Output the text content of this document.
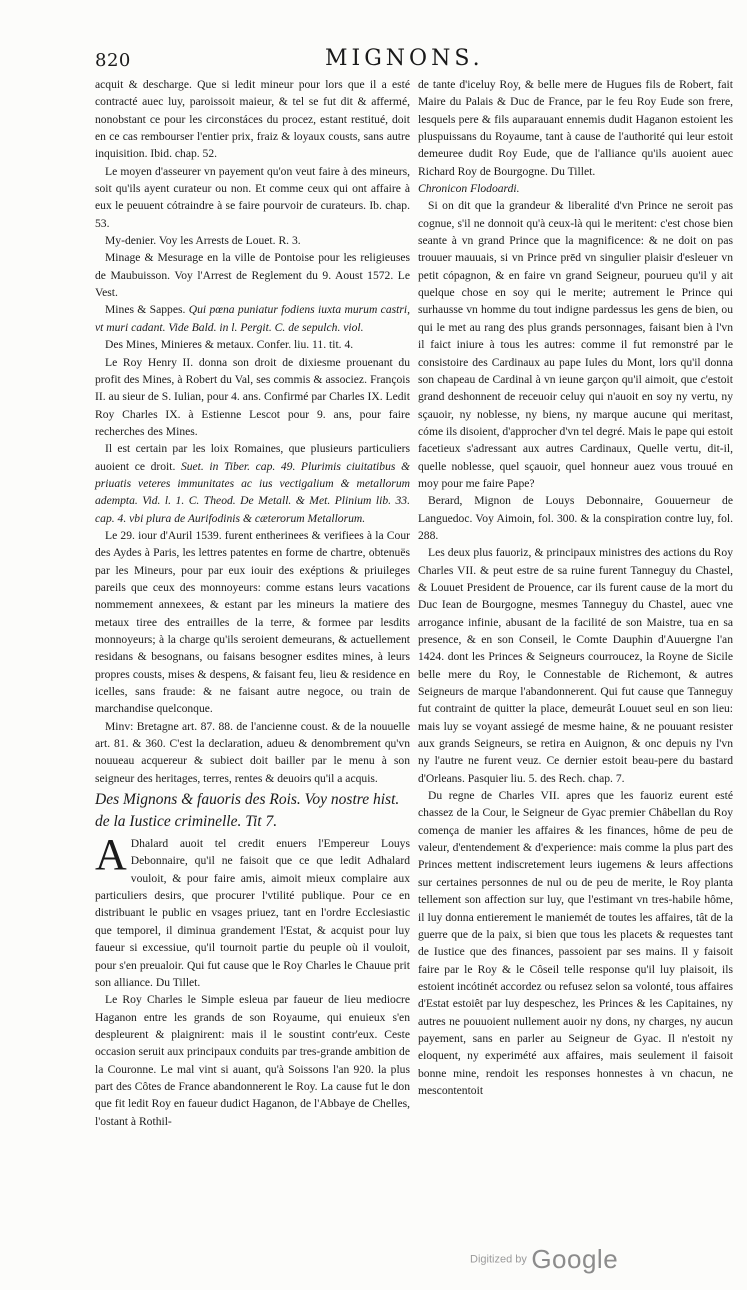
820	MIGNONS.

acquit & descharge. Que si ledit mineur pour lors que il a esté contracté auec luy, paroissoit maieur, & tel se fut dit & affermé, nonobstant ce pour les circonstáces du procez, estant restitué, doit en ce cas rembourser l'entier prix, fraiz & loyaux cousts, sans autre inquisition. Ibid. chap. 52.

Le moyen d'asseurer vn payement qu'on veut faire à des mineurs, soit qu'ils ayent curateur ou non. Et comme ceux qui ont affaire à eux le peuuent cótraindre à se faire pourvoir de curateurs. Ib. chap. 53.

My-denier. Voy les Arrests de Louet. R. 3.

Minage & Mesurage en la ville de Pontoise pour les religieuses de Maubuisson. Voy l'Arrest de Reglement du 9. Aoust 1572. Le Vest.

Mines & Sappes. Qui pœna puniatur fodiens iuxta murum castri, vt muri cadant. Vide Bald. in l. Pergit. C. de sepulch. viol.

Des Mines, Minieres & metaux. Confer. liu. 11. tit. 4.

Le Roy Henry II. donna son droit de dixiesme prouenant du profit des Mines, à Robert du Val, ses commis & associez. François II. au sieur de S. Iulian, pour 4. ans. Confirmé par Charles IX. Ledit Roy Charles IX. à Estienne Lescot pour 9. ans, pour faire recherches des Mines.

Il est certain par les loix Romaines, que plusieurs particuliers auoient ce droit. Suet. in Tiber. cap. 49. Plurimis ciuitatibus & priuatis veteres immunitates ac ius vectigalium & metallorum adempta. Vid. l. 1. C. Theod. De Metall. & Met. Plinium lib. 33. cap. 4. vbi plura de Aurifodinis & cæterorum Metallorum.

Le 29. iour d'Auril 1539. furent entherinees & verifiees à la Cour des Aydes à Paris, les lettres patentes en forme de chartre, obtenuës par les Mineurs, pour par eux iouir des exéptions & priuileges pareils que ceux des monnoyeurs: comme estans leurs vacations nommement annexees, & estant par les mineurs la matiere des metaux tiree des entrailles de la terre, & formee par lesdits monnoyeurs; à la charge qu'ils seroient demeurans, & actuellement residans & besognans, ou faisans besogner esdites mines, à leurs propres cousts, mises & despens, & faisant feu, lieu & residence en icelles, sans fraude: & ne faisant autre negoce, ou train de marchandise quelconque.

Minv: Bretagne art. 87. 88. de l'ancienne coust. & de la nouuelle art. 81. & 360. C'est la declaration, adueu & denombrement qu'vn nouueau acquereur & subiect doit bailler par le menu à son seigneur des heritages, terres, rentes & deuoirs qu'il a acquis.

Des Mignons & fauoris des Rois. Voy nostre hist. de la Iustice criminelle. Tit 7.

A Dhalard auoit tel credit enuers l'Empereur Louys Debonnaire, qu'il ne faisoit que ce que ledit Adhalard vouloit, & pour faire amis, aimoit mieux complaire aux particuliers desirs, que procurer l'vtilité publique. Pour ce en distribuant le public en vsages priuez, tant en l'ordre Ecclesiastic que temporel, il diminua grandement l'Estat, & acquist pour luy faueur si excessiue, qu'il tournoit partie du peuple où il vouloit, pour s'en preualoir. Qui fut cause que le Roy Charles le Chauue prit son alliance. Du Tillet.

Le Roy Charles le Simple esleua par faueur de lieu mediocre Haganon entre les grands de son Royaume, qui enuieux s'en despleurent & plaignirent: mais il le soustint contr'eux. Ceste occasion seruit aux principaux conduits par tres-grande ambition de la Couronne. Le mal vint si auant, qu'à Soissons l'an 920. la plus part des Côtes de France abandonnerent le Roy. La cause fut le don que fit ledit Roy en faueur dudict Haganon, de l'Abbaye de Chelles, l'ostant à Rothil-

de tante d'iceluy Roy, & belle mere de Hugues fils de Robert, fait Maire du Palais & Duc de France, par le feu Roy Eude son frere, lesquels pere & fils auparauant ennemis dudit Haganon estoient les pluspuissans du Royaume, tant à cause de l'authorité qui leur estoit demeuree dudit Roy Eude, que de l'alliance qu'ils auoient auec Richard Roy de Bourgogne. Du Tillet.

Chronicon Flodoardi.

Si on dit que la grandeur & liberalité d'vn Prince ne seroit pas cognue, s'il ne donnoit qu'à ceux-là qui le meritent: c'est chose bien seante à vn grand Prince que la magnificence: & ne doit on pas trouuer mauuais, si vn Prince prēd vn singulier plaisir d'esleuer vn petit cópagnon, & en faire vn grand Seigneur, pourueu qu'il y ait quelque chose en soy qui le merite; autrement le Prince qui surhausse vn homme du tout indigne pardessus les gens de bien, ou qui le met au rang des plus grands personnages, faisant bien à l'vn il faict iniure à tous les autres: comme il fut remonstré par le consistoire des Cardinaux au pape Iules du Mont, lors qu'il donna son chapeau de Cardinal à vn ieune garçon qu'il aimoit, que c'estoit grand deshonnent de receuoir celuy qui n'auoit en soy ny vertu, ny sçauoir, ny noblesse, ny biens, ny marque aucune qui meritast, cóme ils disoient, d'approcher d'vn tel degré. Mais le pape qui estoit facetieux s'adressant aux autres Cardinaux, Quelle vertu, dit-il, quelle noblesse, quel sçauoir, quel honneur auez vous trouué en moy pour me faire Pape?

Berard, Mignon de Louys Debonnaire, Gouuerneur de Languedoc. Voy Aimoin, fol. 300. & la conspiration contre luy, fol. 288.

Les deux plus fauoriz, & principaux ministres des actions du Roy Charles VII. & peut estre de sa ruine furent Tanneguy du Chastel, & Louuet President de Prouence, car ils furent cause de la mort du Duc Iean de Bourgogne, mesmes Tanneguy du Chastel, auec vne arrogance infinie, abusant de la facilité de son Maistre, tua en sa presence, & en son Conseil, le Comte Dauphin d'Auuergne l'an 1424. dont les Princes & Seigneurs courroucez, la Royne de Sicile belle mere du Roy, le Connestable de Richemont, & autres Seigneurs de marque l'abandonnerent. Qui fut cause que Tanneguy fut contraint de quitter la place, demeurât Louuet seul en son lieu: mais luy se voyant assiegé de mesme haine, & ne pouuant resister aux grands Seigneurs, se retira en Auignon, & onc depuis ny l'vn ny l'autre ne furent veuz. Ce dernier estoit beau-pere du bastard d'Orleans. Pasquier liu. 5. des Rech. chap. 7.

Du regne de Charles VII. apres que les fauoriz eurent esté chassez de la Cour, le Seigneur de Gyac premier Châbellan du Roy comença de manier les affaires & les finances, hôme de peu de valeur, d'entendement & d'experience: mais comme la plus part des Princes mettent indiscretement leurs iugemens & leurs affections sur certaines personnes de nul ou de peu de merite, le Roy planta tellement son affection sur luy, que l'estimant vn tres-habile hôme, il luy donna entierement le maniemét de toutes les affaires, tât de la guerre que de la paix, si bien que tous les placets & requestes tant de Iustice que des finances, passoient par ses mains. Il y faisoit faire par le Roy & le Côseil telle response qu'il luy plaisoit, ils estoient incótinét accordez ou refusez selon sa volonté, tous affaires d'Estat estoiêt par luy despeschez, les Princes & les Capitaines, ny autres ne pouuoient nullement auoir ny dons, ny charges, ny aucun payement, sans en parler au Seigneur de Gyac. Il n'estoit ny eloquent, ny experimété aux affaires, mais seulement il faisoit bonne mine, rendoit les responses honnestes à vn chacun, ne mescontentoit

Digitized by Google
